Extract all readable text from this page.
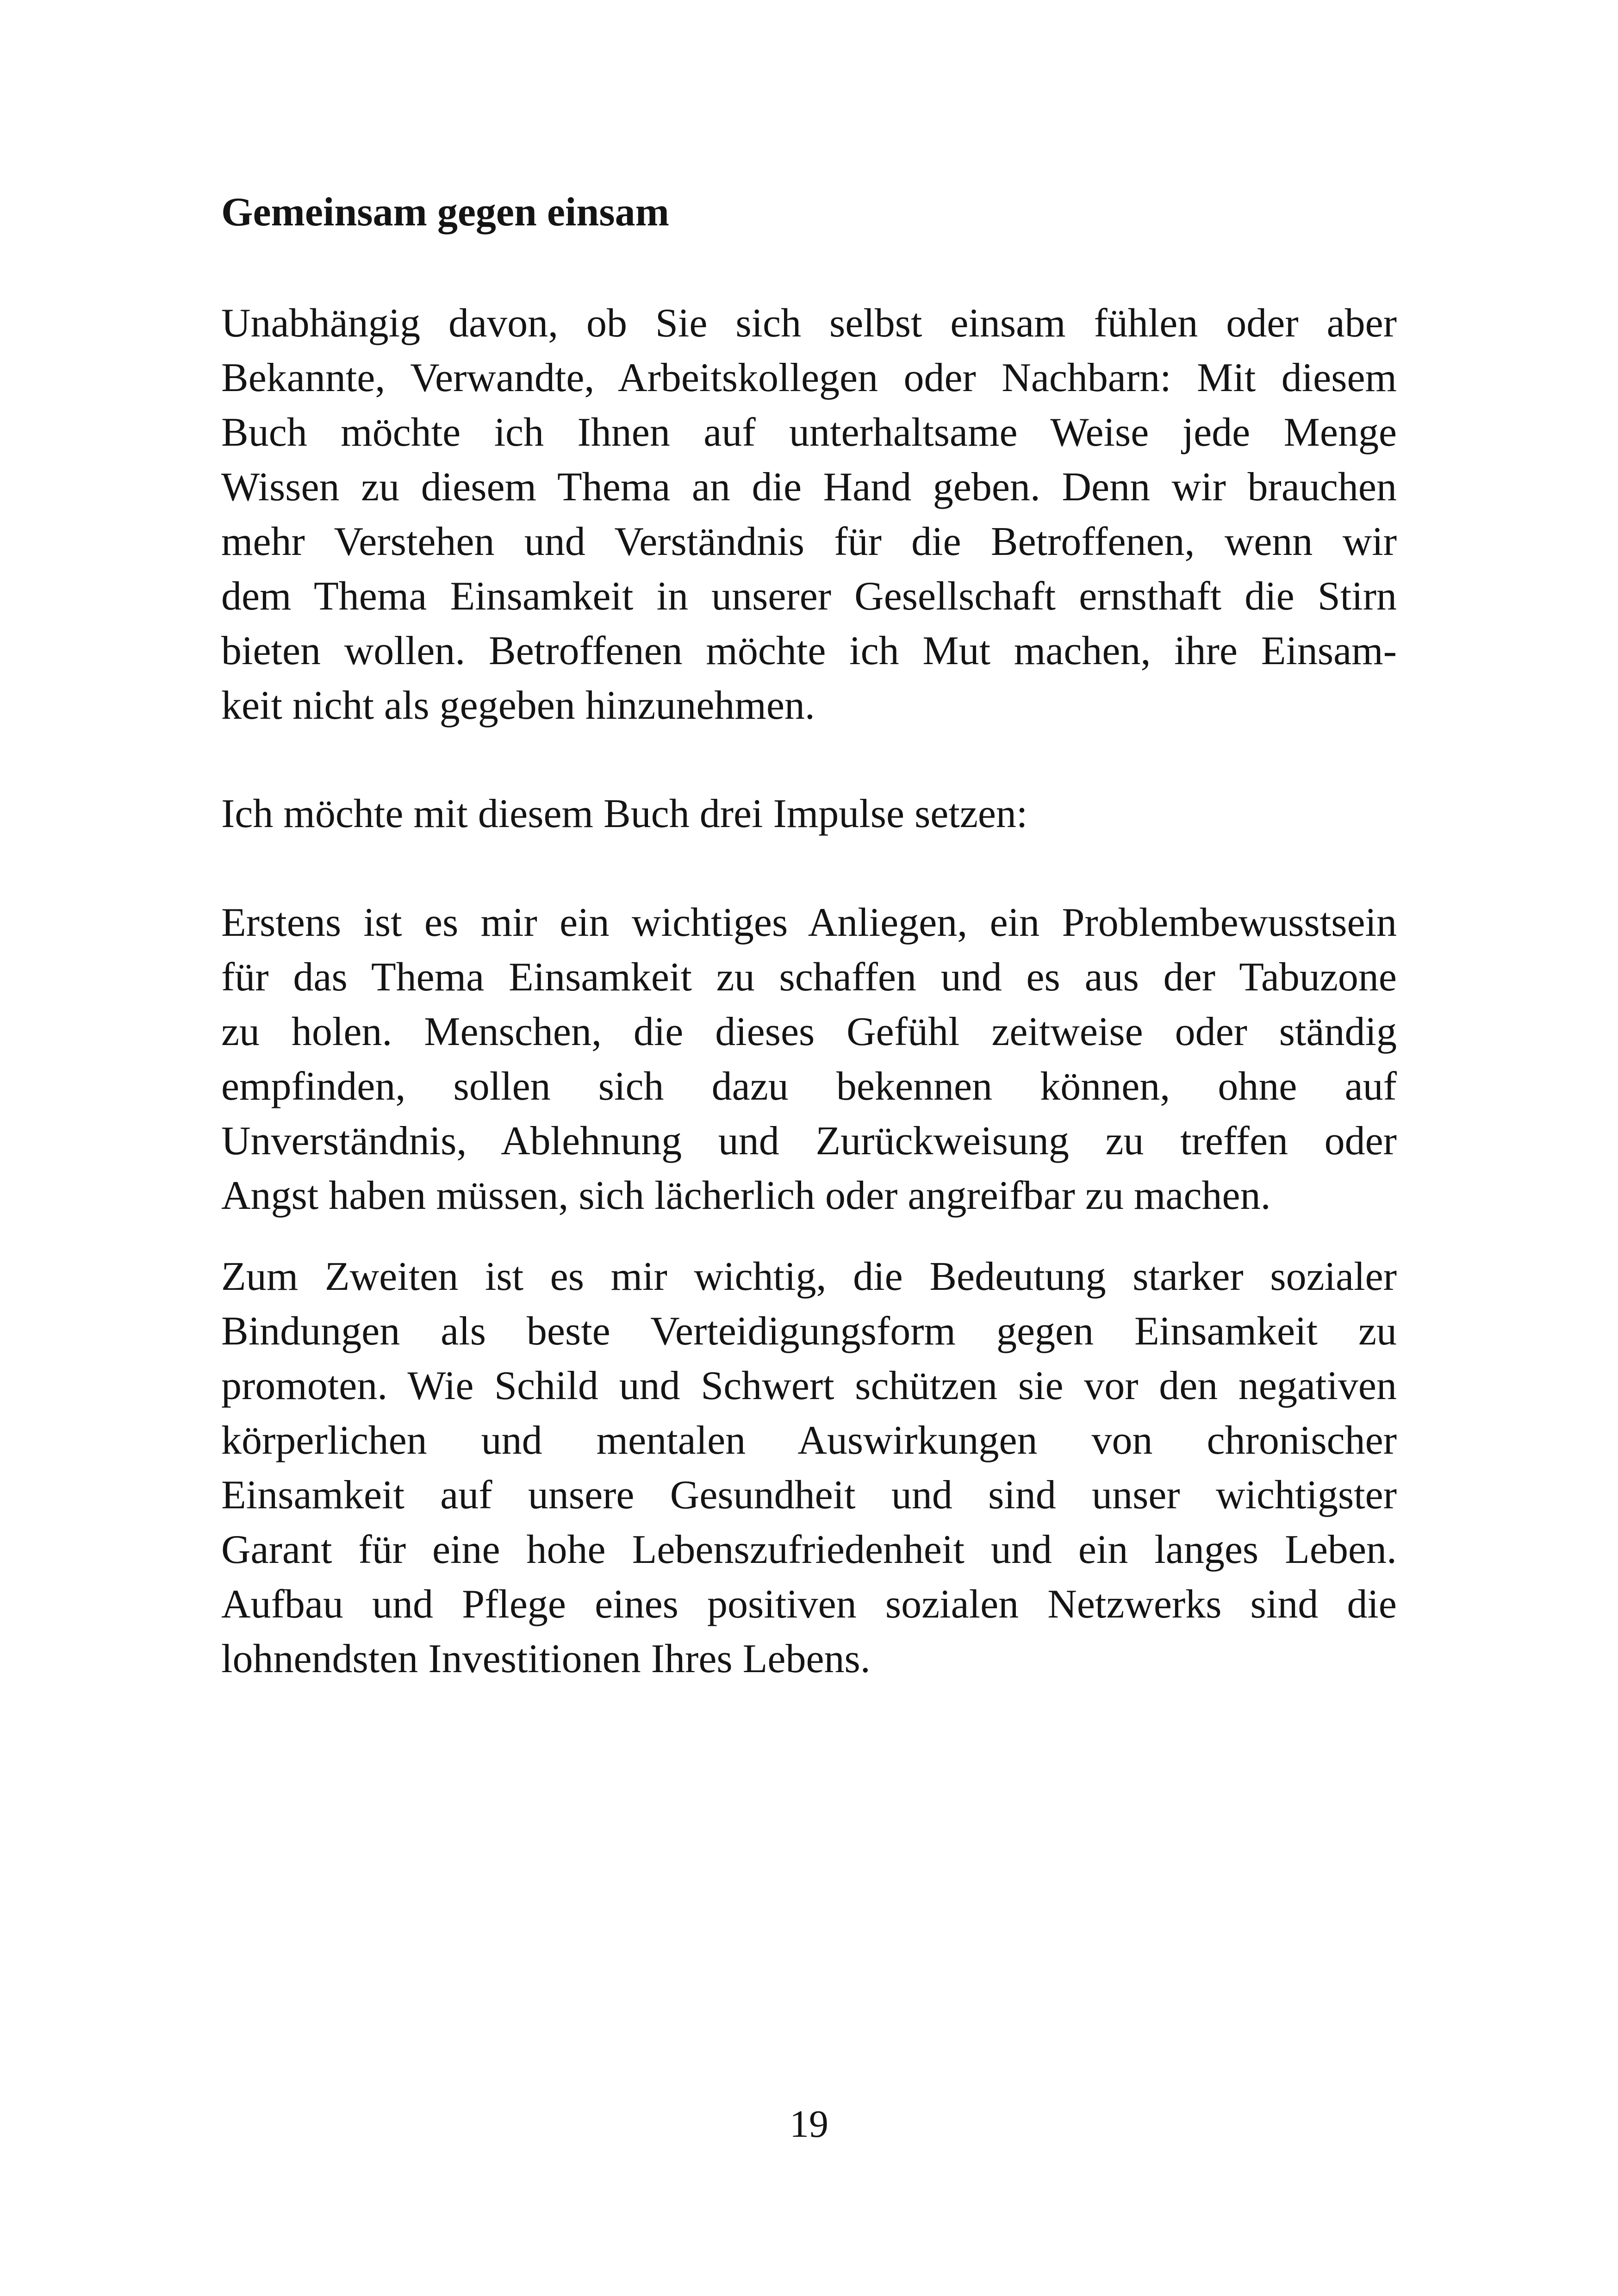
Gemeinsam gegen einsam

Unabhängig davon, ob Sie sich selbst einsam fühlen oder aber
Bekannte, Verwandte, Arbeitskollegen oder Nachbarn: Mit diesem
Buch möchte ich Ihnen auf unterhaltsame Weise jede Menge
Wissen zu diesem Thema an die Hand geben. Denn wir brauchen
mehr Verstehen und Verständnis für die Betroffenen, wenn wir
dem Thema Einsamkeit in unserer Gesellschaft ernsthaft die Stirn
bieten wollen. Betroffenen möchte ich Mut machen, ihre Einsam-
keit nicht als gegeben hinzunehmen.

Ich möchte mit diesem Buch drei Impulse setzen:

Erstens ist es mir ein wichtiges Anliegen, ein Problembewusstsein
für das Thema Einsamkeit zu schaffen und es aus der Tabuzone
zu holen. Menschen, die dieses Gefühl zeitweise oder ständig
empfinden, sollen sich dazu bekennen können, ohne auf
Unverständnis, Ablehnung und Zurückweisung zu treffen oder
Angst haben müssen, sich lächerlich oder angreifbar zu machen.

Zum Zweiten ist es mir wichtig, die Bedeutung starker sozialer
Bindungen als beste Verteidigungsform gegen Einsamkeit zu
promoten. Wie Schild und Schwert schützen sie vor den negativen
körperlichen und mentalen Auswirkungen von chronischer
Einsamkeit auf unsere Gesundheit und sind unser wichtigster
Garant für eine hohe Lebenszufriedenheit und ein langes Leben.
Aufbau und Pflege eines positiven sozialen Netzwerks sind die
lohnendsten Investitionen Ihres Lebens.

19
